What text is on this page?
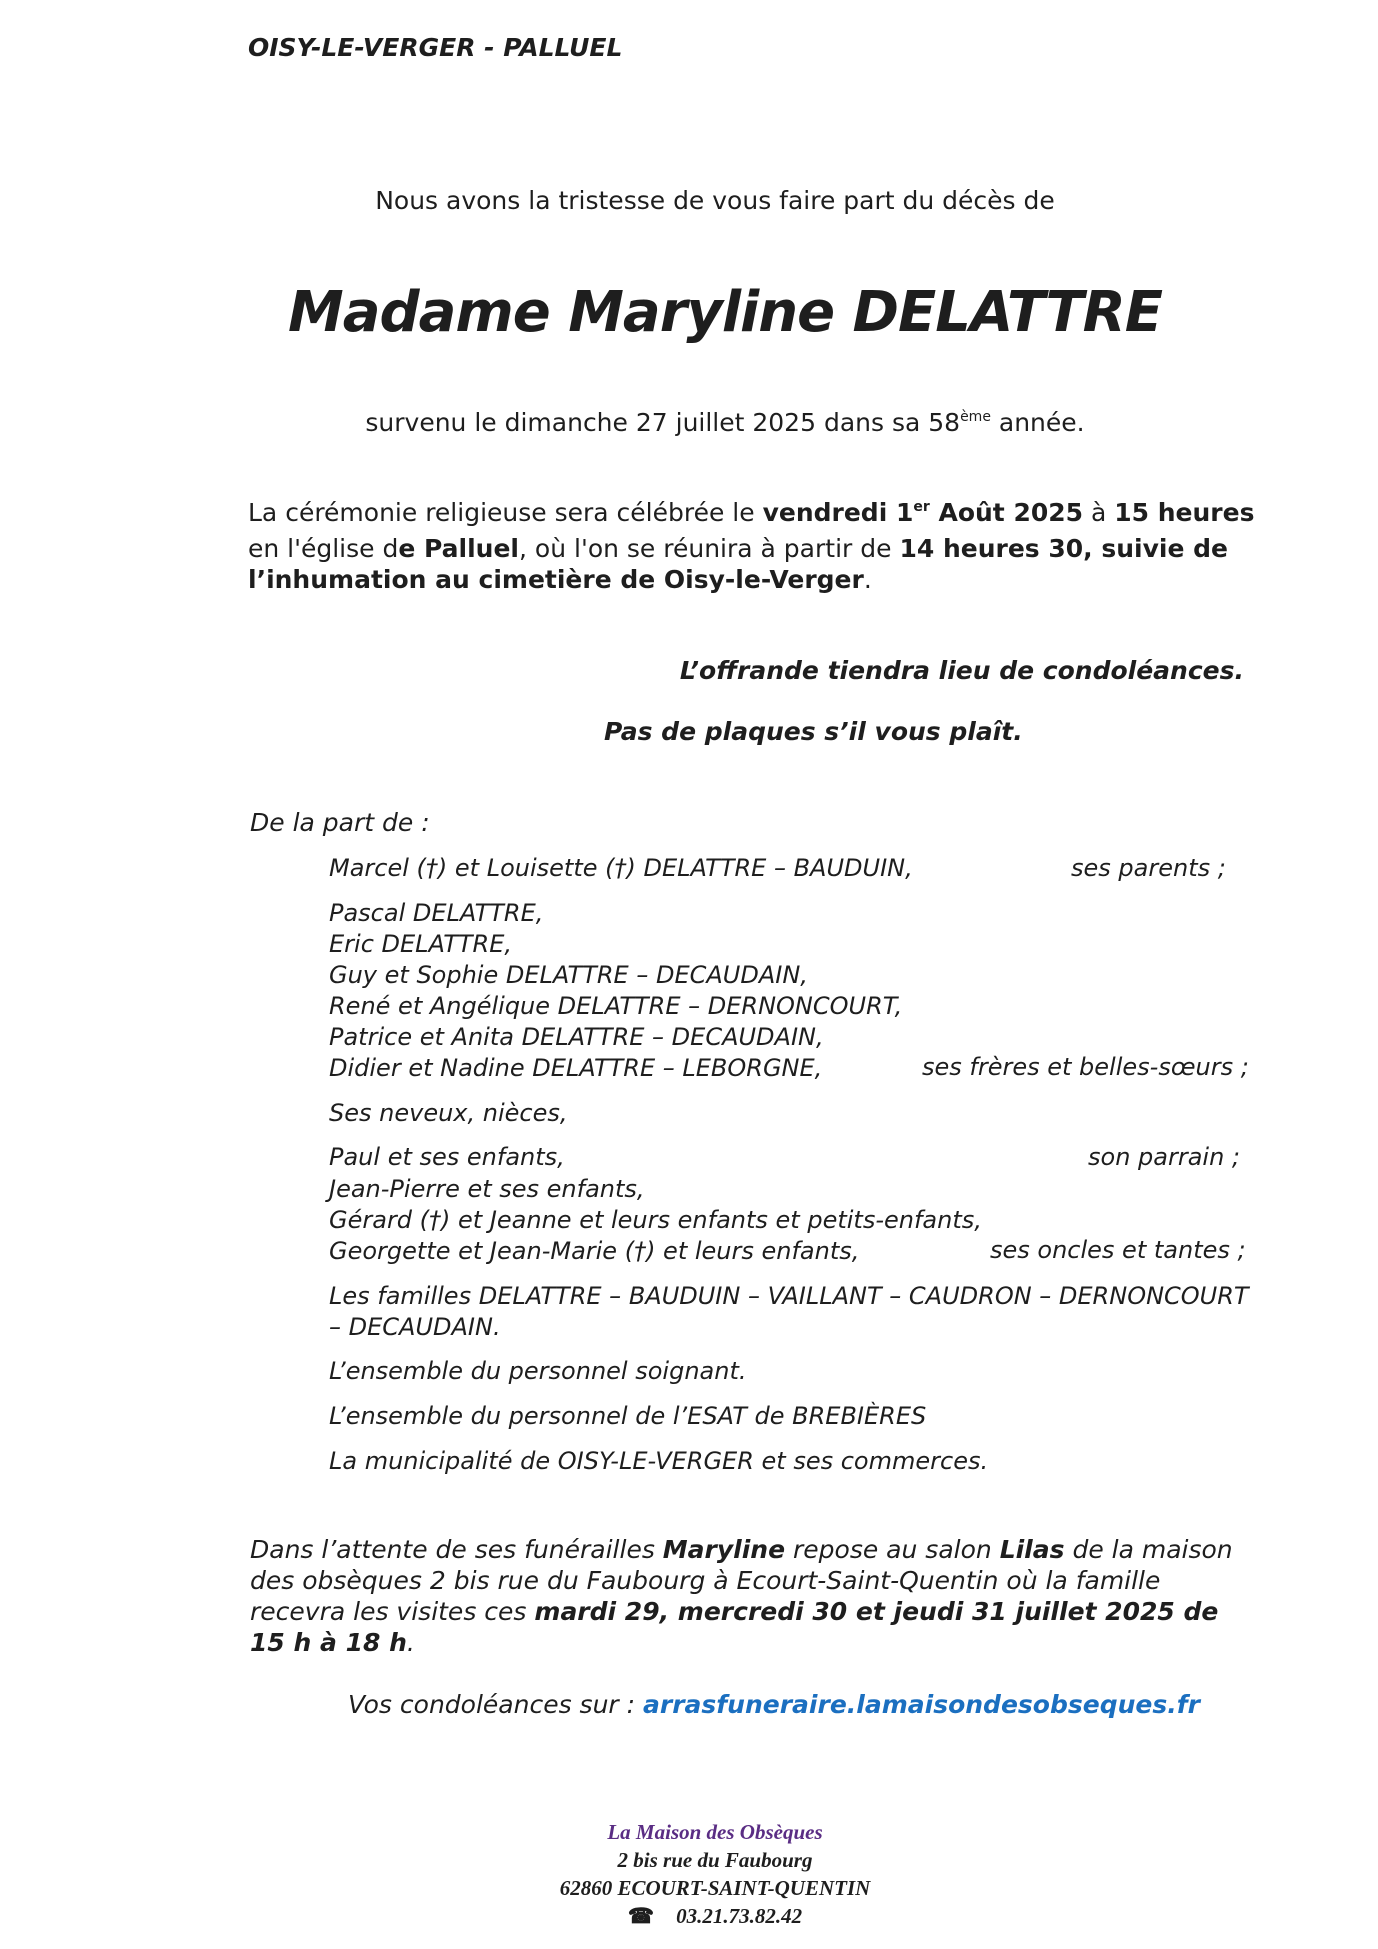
OISY-LE-VERGER - PALLUEL
Nous avons la tristesse de vous faire part du décès de
Madame Maryline DELATTRE
survenu le dimanche 27 juillet 2025 dans sa 58ème année.
La cérémonie religieuse sera célébrée le vendredi 1er Août 2025 à 15 heures
en l'église de Palluel, où l'on se réunira à partir de 14 heures 30, suivie de l’inhumation au cimetière de Oisy-le-Verger.
L’offrande tiendra lieu de condoléances.
Pas de plaques s’il vous plaît.
De la part de :
Marcel (†) et Louisette (†) DELATTRE – BAUDUIN,	ses parents ;
Pascal DELATTRE,
Eric DELATTRE,
Guy et Sophie DELATTRE – DECAUDAIN,
René et Angélique DELATTRE – DERNONCOURT,
Patrice et Anita DELATTRE – DECAUDAIN,
Didier et Nadine DELATTRE – LEBORGNE,	ses frères et belles-sœurs ;
Ses neveux, nièces,
Paul et ses enfants,	son parrain ;
Jean-Pierre et ses enfants,
Gérard (†) et Jeanne et leurs enfants et petits-enfants,
Georgette et Jean-Marie (†) et leurs enfants,	ses oncles et tantes ;
Les familles DELATTRE – BAUDUIN – VAILLANT – CAUDRON – DERNONCOURT – DECAUDAIN.
L’ensemble du personnel soignant.
L’ensemble du personnel de l’ESAT de BREBIÈRES
La municipalité de OISY-LE-VERGER et ses commerces.
Dans l’attente de ses funérailles Maryline repose au salon Lilas de la maison des obsèques 2 bis rue du Faubourg à Ecourt-Saint-Quentin où la famille recevra les visites ces mardi 29, mercredi 30 et jeudi 31 juillet 2025 de 15 h à 18 h.
Vos condoléances sur : arrasfuneraire.lamaisondesobseques.fr
La Maison des Obsèques
2 bis rue du Faubourg
62860 ECOURT-SAINT-QUENTIN
☎ 03.21.73.82.42
